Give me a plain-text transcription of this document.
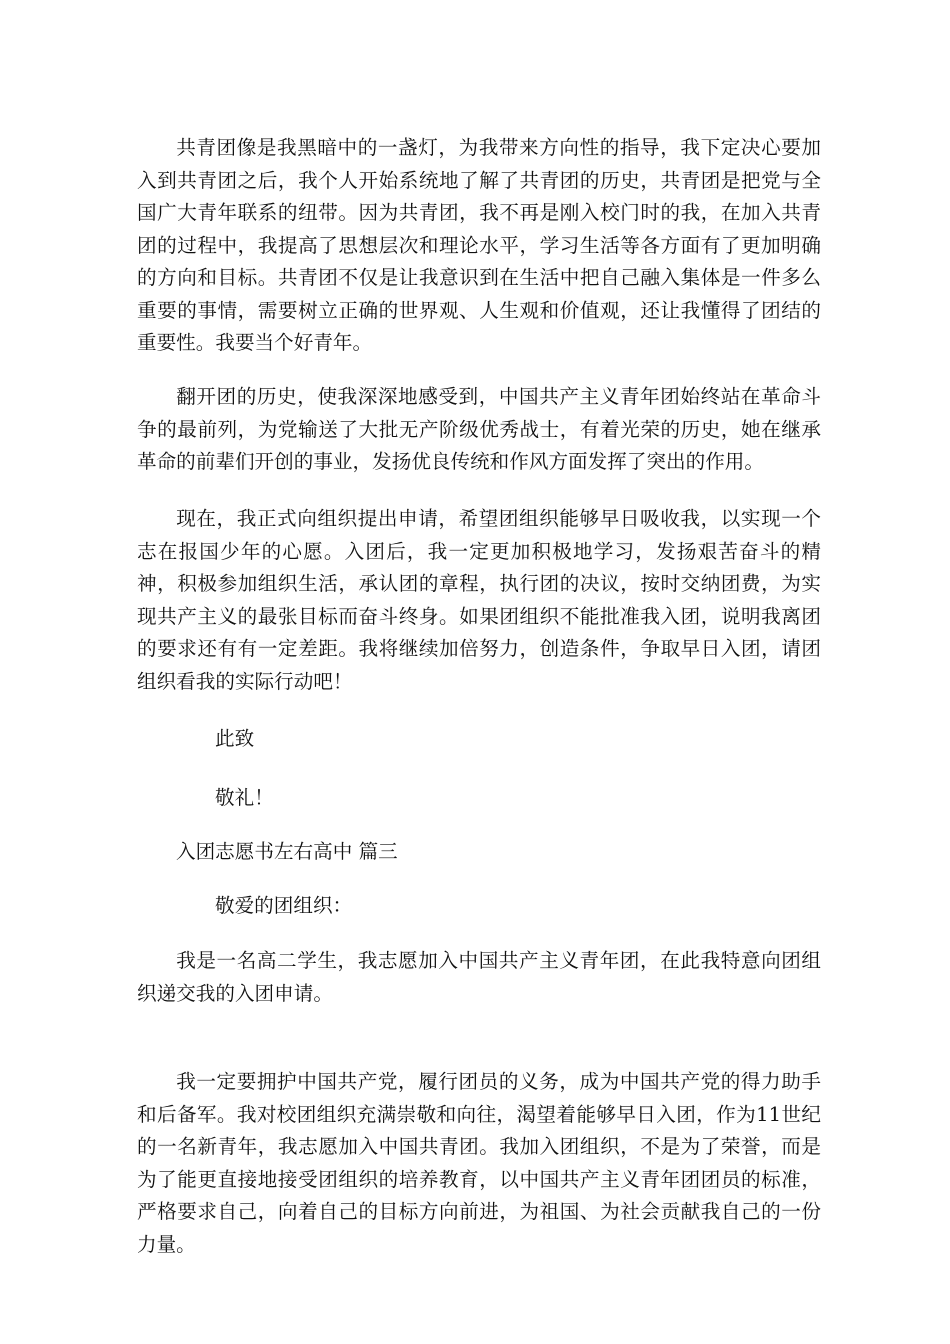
共青团像是我黑暗中的一盏灯，为我带来方向性的指导，我下定决心要加入到共青团之后，我个人开始系统地了解了共青团的历史，共青团是把党与全国广大青年联系的纽带。因为共青团，我不再是刚入校门时的我，在加入共青团的过程中，我提高了思想层次和理论水平，学习生活等各方面有了更加明确的方向和目标。共青团不仅是让我意识到在生活中把自己融入集体是一件多么重要的事情，需要树立正确的世界观、人生观和价值观，还让我懂得了团结的重要性。我要当个好青年。

翻开团的历史，使我深深地感受到，中国共产主义青年团始终站在革命斗争的最前列，为党输送了大批无产阶级优秀战士，有着光荣的历史，她在继承革命的前辈们开创的事业，发扬优良传统和作风方面发挥了突出的作用。

现在，我正式向组织提出申请，希望团组织能够早日吸收我，以实现一个志在报国少年的心愿。入团后，我一定更加积极地学习，发扬艰苦奋斗的精神，积极参加组织生活，承认团的章程，执行团的决议，按时交纳团费，为实现共产主义的最张目标而奋斗终身。如果团组织不能批准我入团，说明我离团的要求还有有一定差距。我将继续加倍努力，创造条件，争取早日入团，请团组织看我的实际行动吧！

此致

敬礼！

入团志愿书左右高中 篇三

敬爱的团组织：

我是一名高二学生，我志愿加入中国共产主义青年团，在此我特意向团组织递交我的入团申请。

我一定要拥护中国共产党，履行团员的义务，成为中国共产党的得力助手和后备军。我对校团组织充满崇敬和向往，渴望着能够早日入团，作为11世纪的一名新青年，我志愿加入中国共青团。我加入团组织，不是为了荣誉，而是为了能更直接地接受团组织的培养教育，以中国共产主义青年团团员的标准，严格要求自己，向着自己的目标方向前进，为祖国、为社会贡献我自己的一份力量。
